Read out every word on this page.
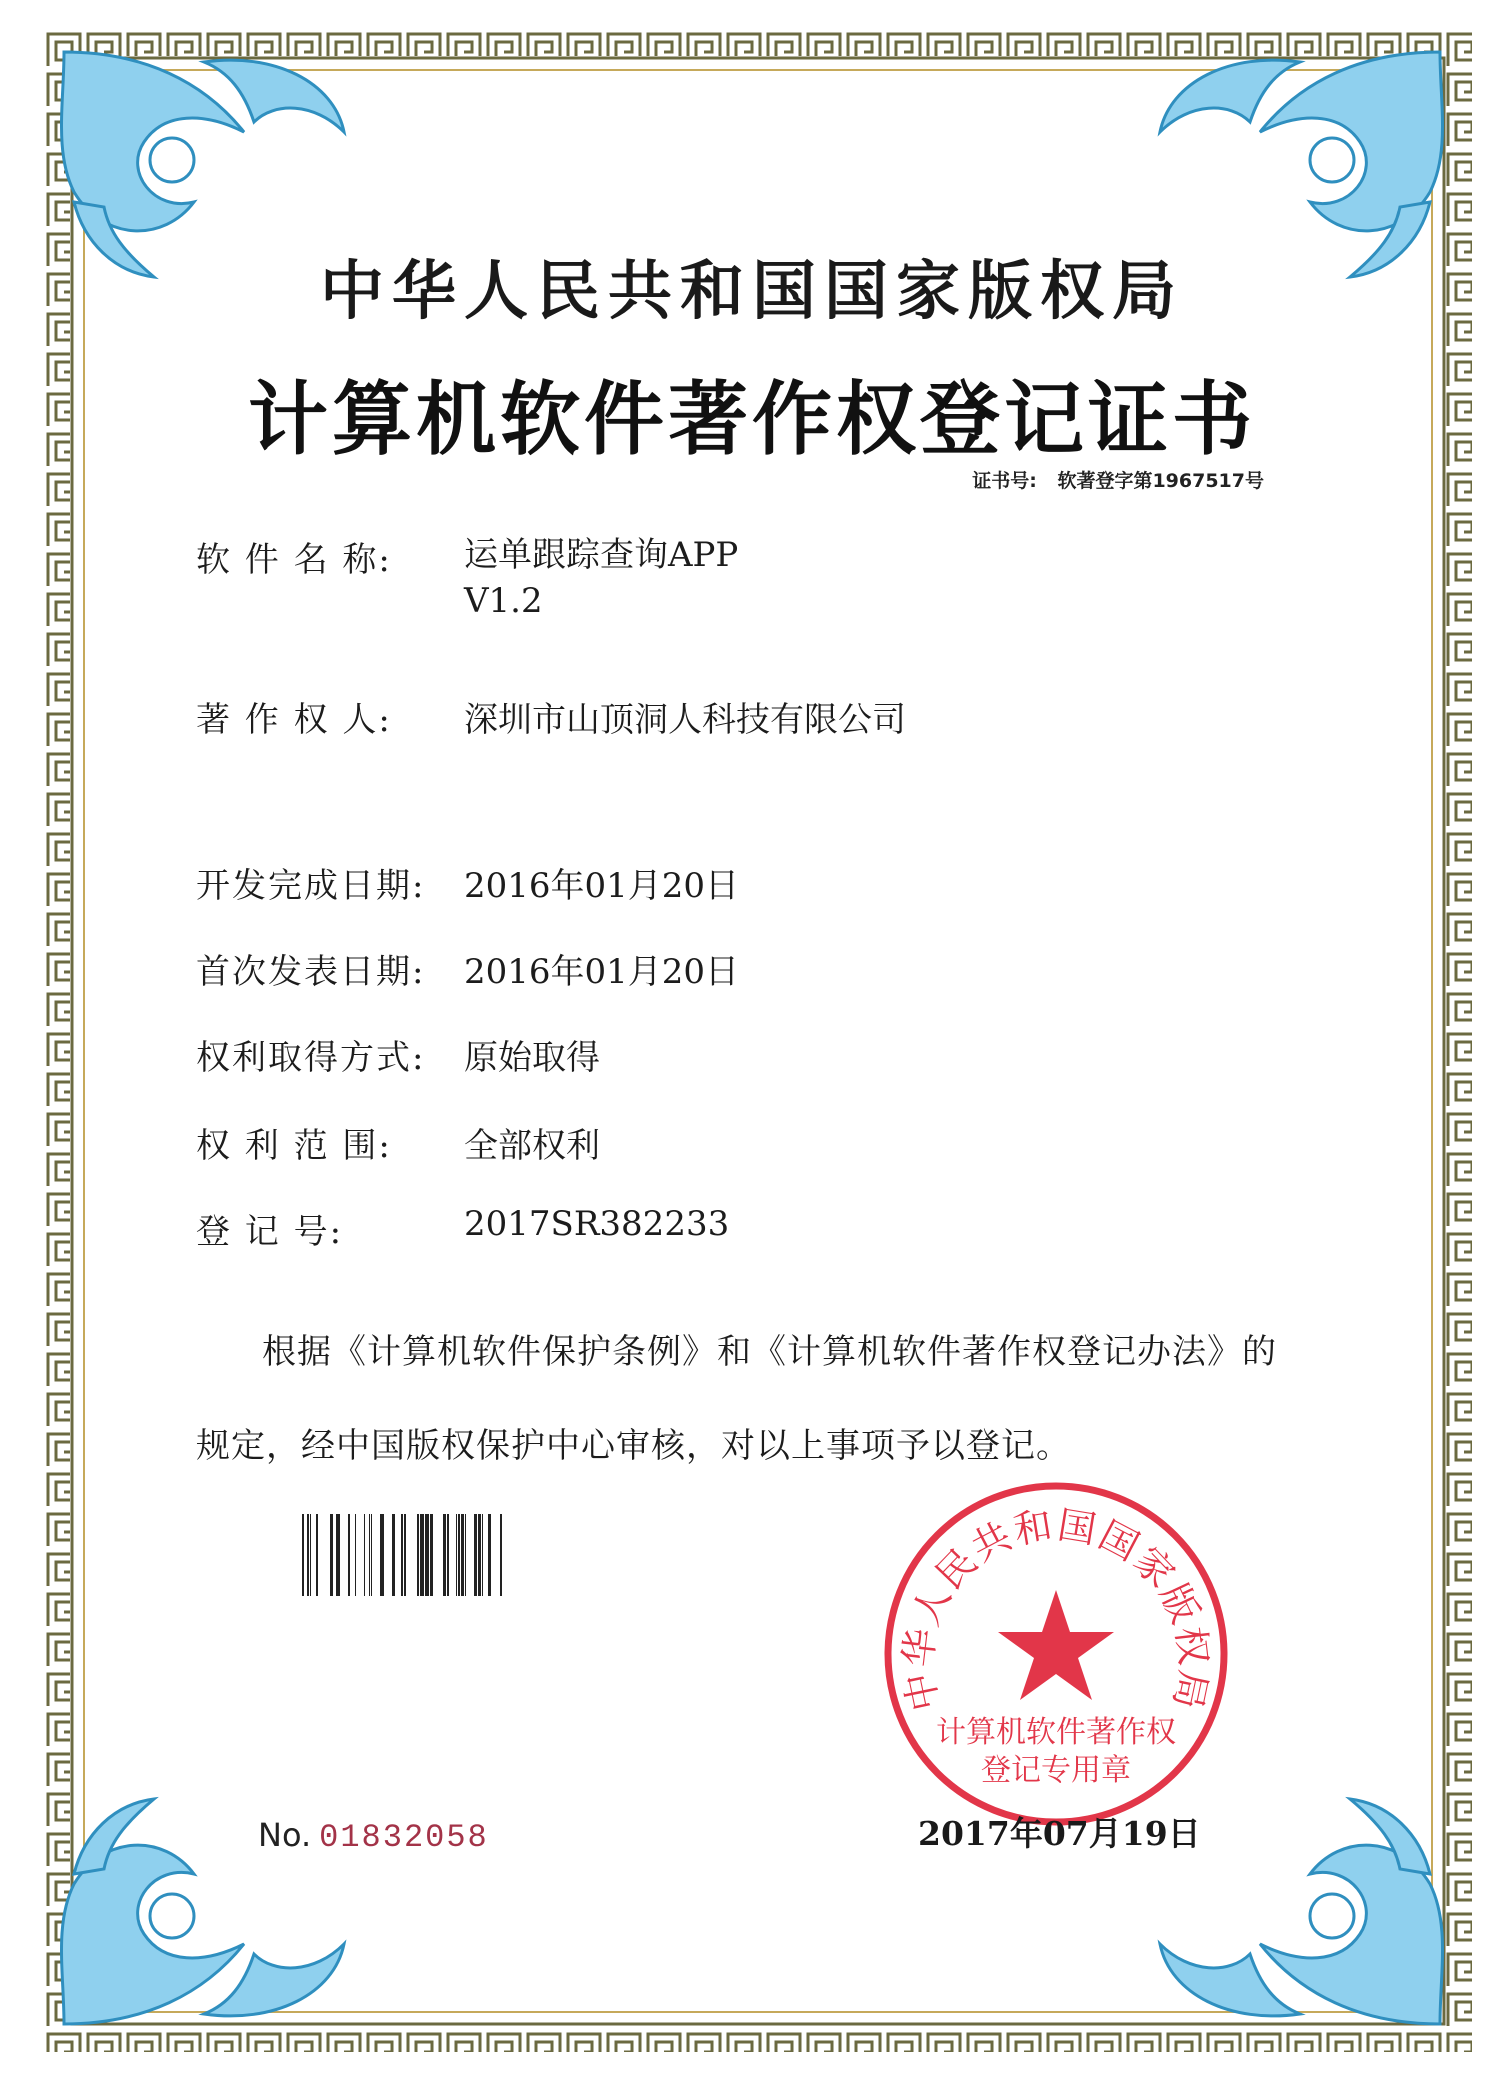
中华人民共和国国家版权局
计算机软件著作权登记证书
证书号: 软著登字第1967517号
软 件 名 称: 运单跟踪查询APP
V1.2
著 作 权 人: 深圳市山顶洞人科技有限公司
开发完成日期: 2016年01月20日
首次发表日期: 2016年01月20日
权利取得方式: 原始取得
权 利 范 围: 全部权利
登 记 号:	2017SR382233
根据《计算机软件保护条例》和《计算机软件著作权登记办法》的
规定，经中国版权保护中心审核，对以上事项予以登记。
中华人民共和国国家版权局
计算机软件著作权
登记专用章
No. 01832058	2017年07月19日
